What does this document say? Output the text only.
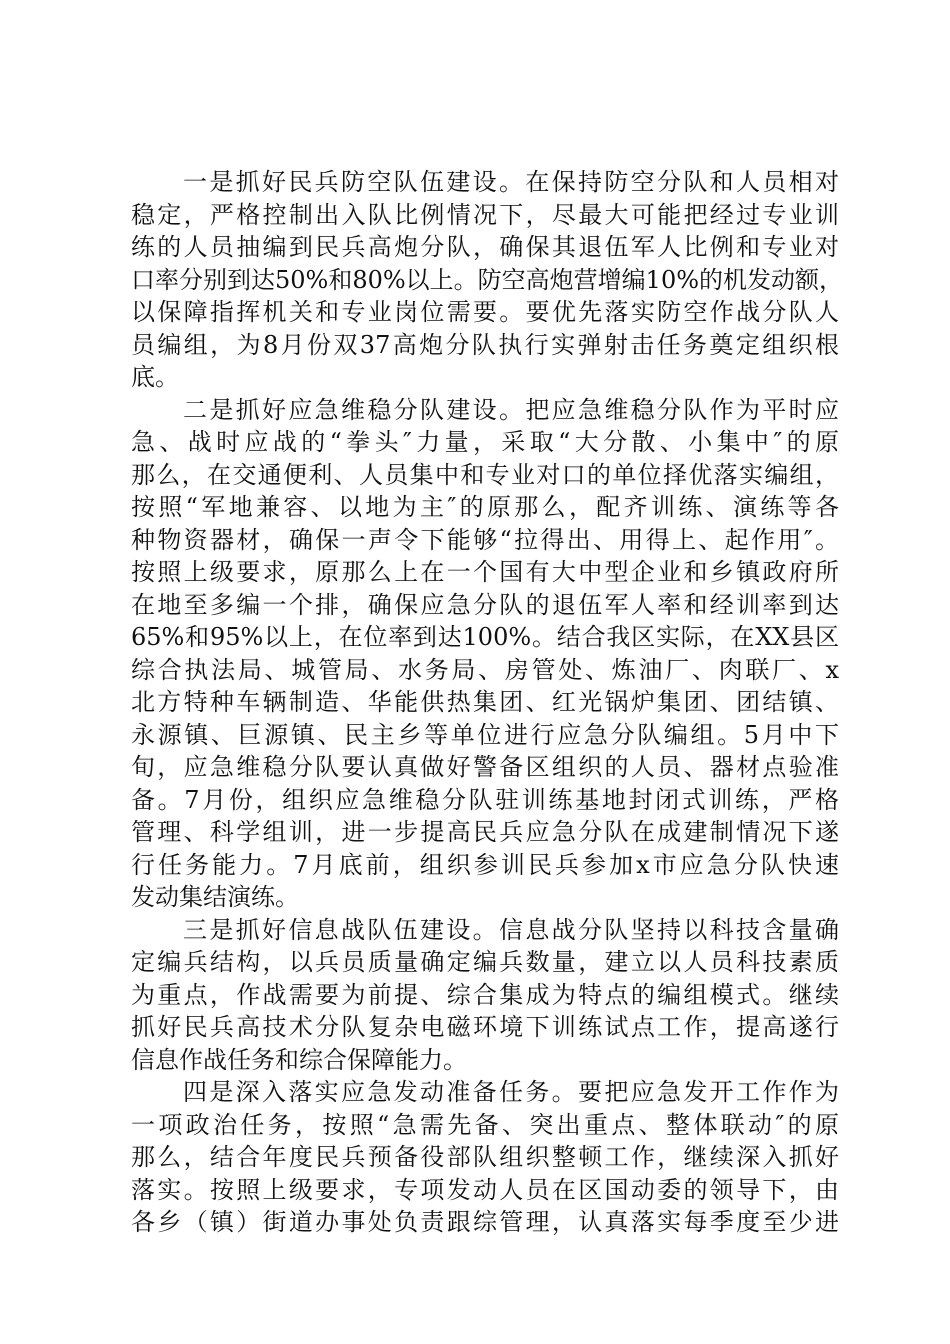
一是抓好民兵防空队伍建设。在保持防空分队和人员相对
稳定，严格控制出入队比例情况下，尽最大可能把经过专业训
练的人员抽编到民兵高炮分队，确保其退伍军人比例和专业对
口率分别到达50%和80%以上。防空高炮营增编10%的机发动额，
以保障指挥机关和专业岗位需要。要优先落实防空作战分队人
员编组，为8月份双37高炮分队执行实弹射击任务奠定组织根
底。
二是抓好应急维稳分队建设。把应急维稳分队作为平时应
急、战时应战的“拳头″力量，采取“大分散、小集中″的原
那么，在交通便利、人员集中和专业对口的单位择优落实编组，
按照“军地兼容、以地为主″的原那么，配齐训练、演练等各
种物资器材，确保一声令下能够“拉得出、用得上、起作用″。
按照上级要求，原那么上在一个国有大中型企业和乡镇政府所
在地至多编一个排，确保应急分队的退伍军人率和经训率到达
65%和95%以上，在位率到达100%。结合我区实际，在XX县区
综合执法局、城管局、水务局、房管处、炼油厂、肉联厂、x
北方特种车辆制造、华能供热集团、红光锅炉集团、团结镇、
永源镇、巨源镇、民主乡等单位进行应急分队编组。5月中下
旬，应急维稳分队要认真做好警备区组织的人员、器材点验准
备。7月份，组织应急维稳分队驻训练基地封闭式训练，严格
管理、科学组训，进一步提高民兵应急分队在成建制情况下遂
行任务能力。7月底前，组织参训民兵参加x市应急分队快速
发动集结演练。
三是抓好信息战队伍建设。信息战分队坚持以科技含量确
定编兵结构，以兵员质量确定编兵数量，建立以人员科技素质
为重点，作战需要为前提、综合集成为特点的编组模式。继续
抓好民兵高技术分队复杂电磁环境下训练试点工作，提高遂行
信息作战任务和综合保障能力。
四是深入落实应急发动准备任务。要把应急发开工作作为
一项政治任务，按照“急需先备、突出重点、整体联动″的原
那么，结合年度民兵预备役部队组织整顿工作，继续深入抓好
落实。按照上级要求，专项发动人员在区国动委的领导下，由
各乡（镇）街道办事处负责跟综管理，认真落实每季度至少进
